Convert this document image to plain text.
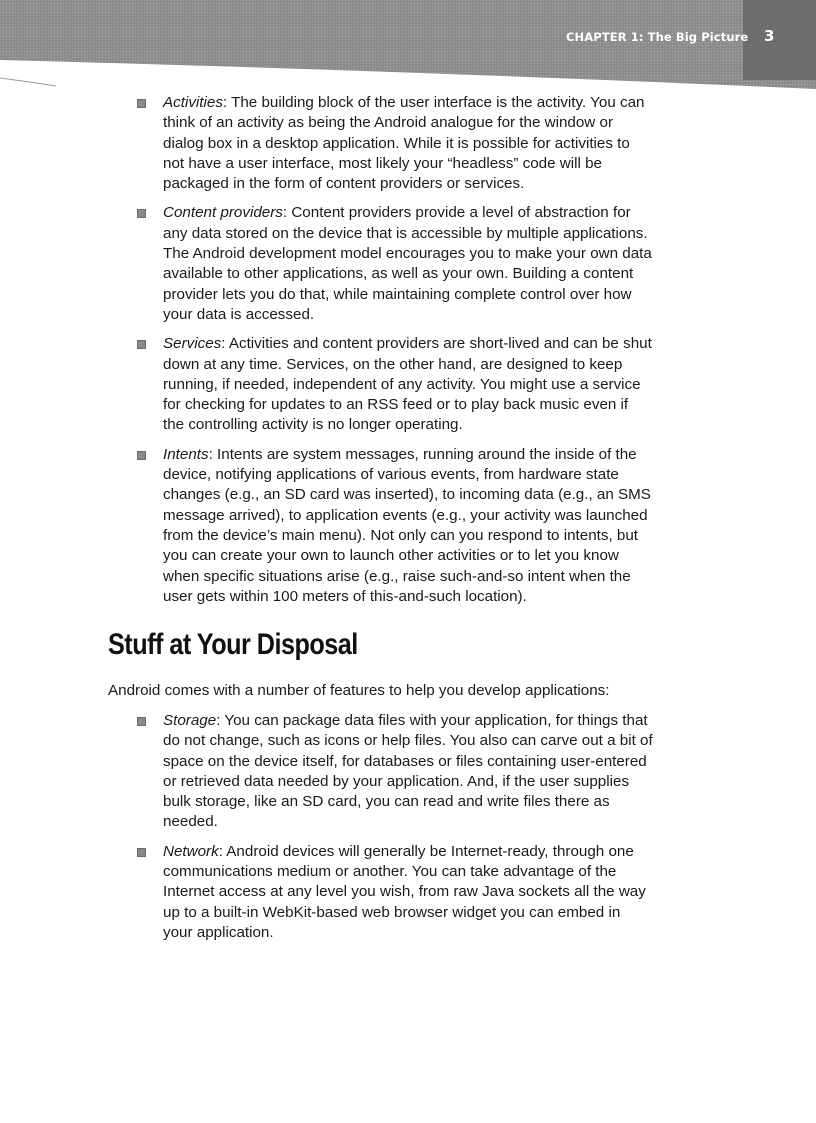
CHAPTER 1: The Big Picture 3
Activities: The building block of the user interface is the activity. You can think of an activity as being the Android analogue for the window or dialog box in a desktop application. While it is possible for activities to not have a user interface, most likely your “headless” code will be packaged in the form of content providers or services.
Content providers: Content providers provide a level of abstraction for any data stored on the device that is accessible by multiple applications. The Android development model encourages you to make your own data available to other applications, as well as your own. Building a content provider lets you do that, while maintaining complete control over how your data is accessed.
Services: Activities and content providers are short-lived and can be shut down at any time. Services, on the other hand, are designed to keep running, if needed, independent of any activity. You might use a service for checking for updates to an RSS feed or to play back music even if the controlling activity is no longer operating.
Intents: Intents are system messages, running around the inside of the device, notifying applications of various events, from hardware state changes (e.g., an SD card was inserted), to incoming data (e.g., an SMS message arrived), to application events (e.g., your activity was launched from the device’s main menu). Not only can you respond to intents, but you can create your own to launch other activities or to let you know when specific situations arise (e.g., raise such-and-so intent when the user gets within 100 meters of this-and-such location).
Stuff at Your Disposal

Android comes with a number of features to help you develop applications:

Storage: You can package data files with your application, for things that do not change, such as icons or help files. You also can carve out a bit of space on the device itself, for databases or files containing user-entered or retrieved data needed by your application. And, if the user supplies bulk storage, like an SD card, you can read and write files there as needed.
Network: Android devices will generally be Internet-ready, through one communications medium or another. You can take advantage of the Internet access at any level you wish, from raw Java sockets all the way up to a built-in WebKit-based web browser widget you can embed in your application.
